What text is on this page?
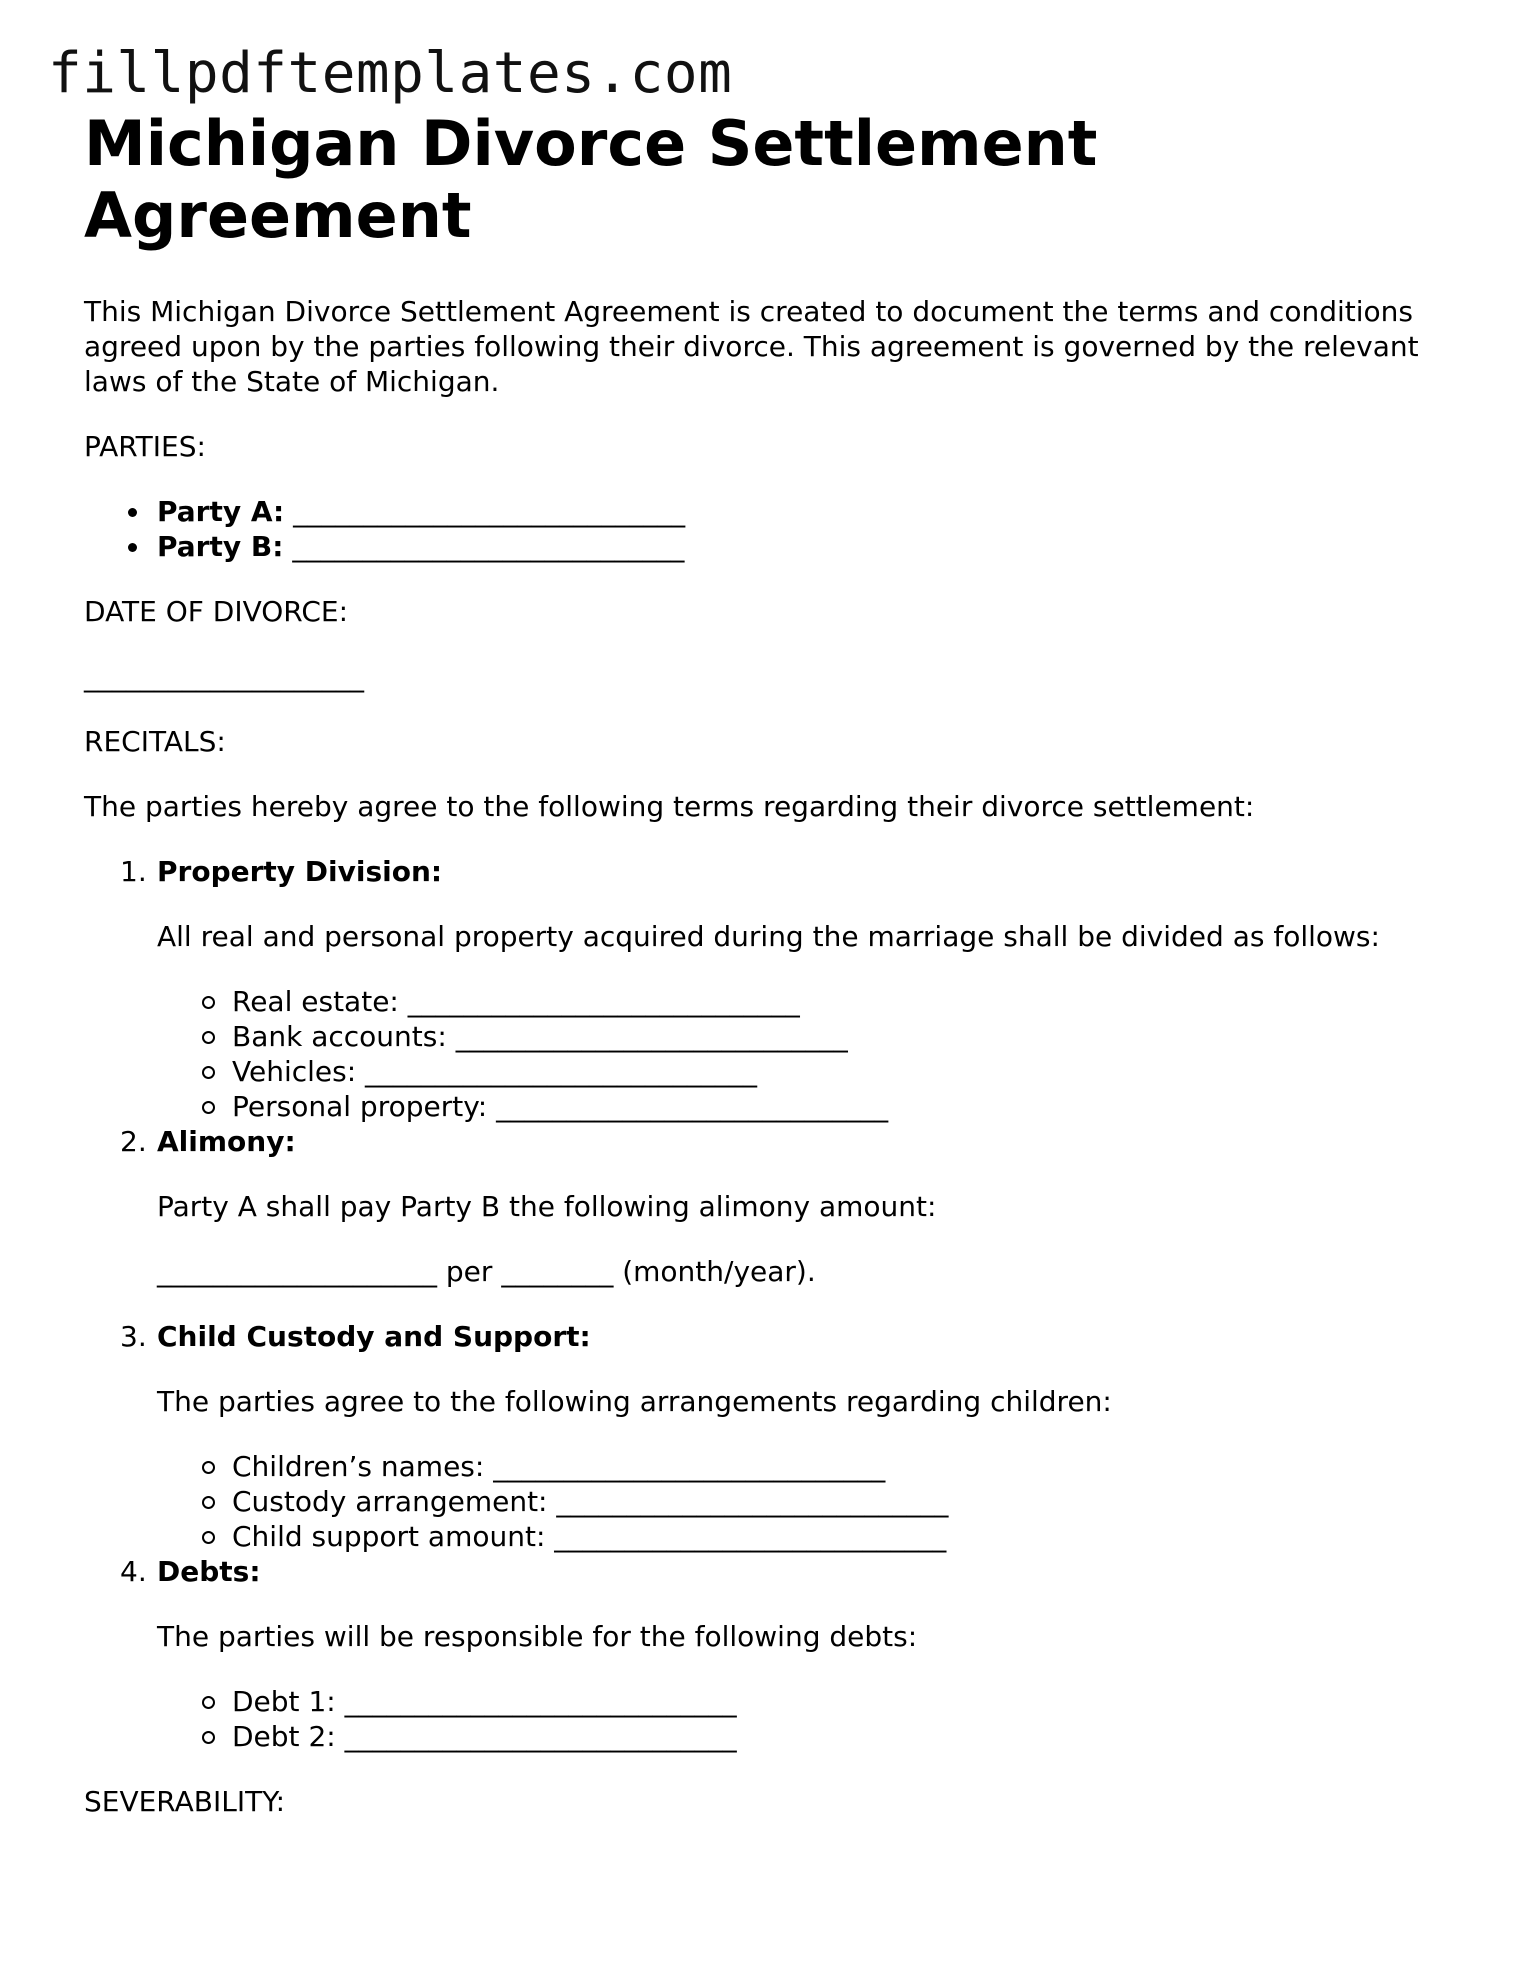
fillpdftemplates.com
Michigan Divorce Settlement Agreement

This Michigan Divorce Settlement Agreement is created to document the terms and conditions agreed upon by the parties following their divorce. This agreement is governed by the relevant laws of the State of Michigan.

PARTIES:

Party A: ____________________________
Party B: ____________________________

DATE OF DIVORCE:

____________________

RECITALS:

The parties hereby agree to the following terms regarding their divorce settlement:

1. Property Division:

All real and personal property acquired during the marriage shall be divided as follows:

Real estate: ____________________________
Bank accounts: ____________________________
Vehicles: ____________________________
Personal property: ____________________________
2. Alimony:

Party A shall pay Party B the following alimony amount:

____________________ per ________ (month/year).

3. Child Custody and Support:

The parties agree to the following arrangements regarding children:

Children’s names: ____________________________
Custody arrangement: ____________________________
Child support amount: ____________________________
4. Debts:

The parties will be responsible for the following debts:

Debt 1: ____________________________
Debt 2: ____________________________

SEVERABILITY:
